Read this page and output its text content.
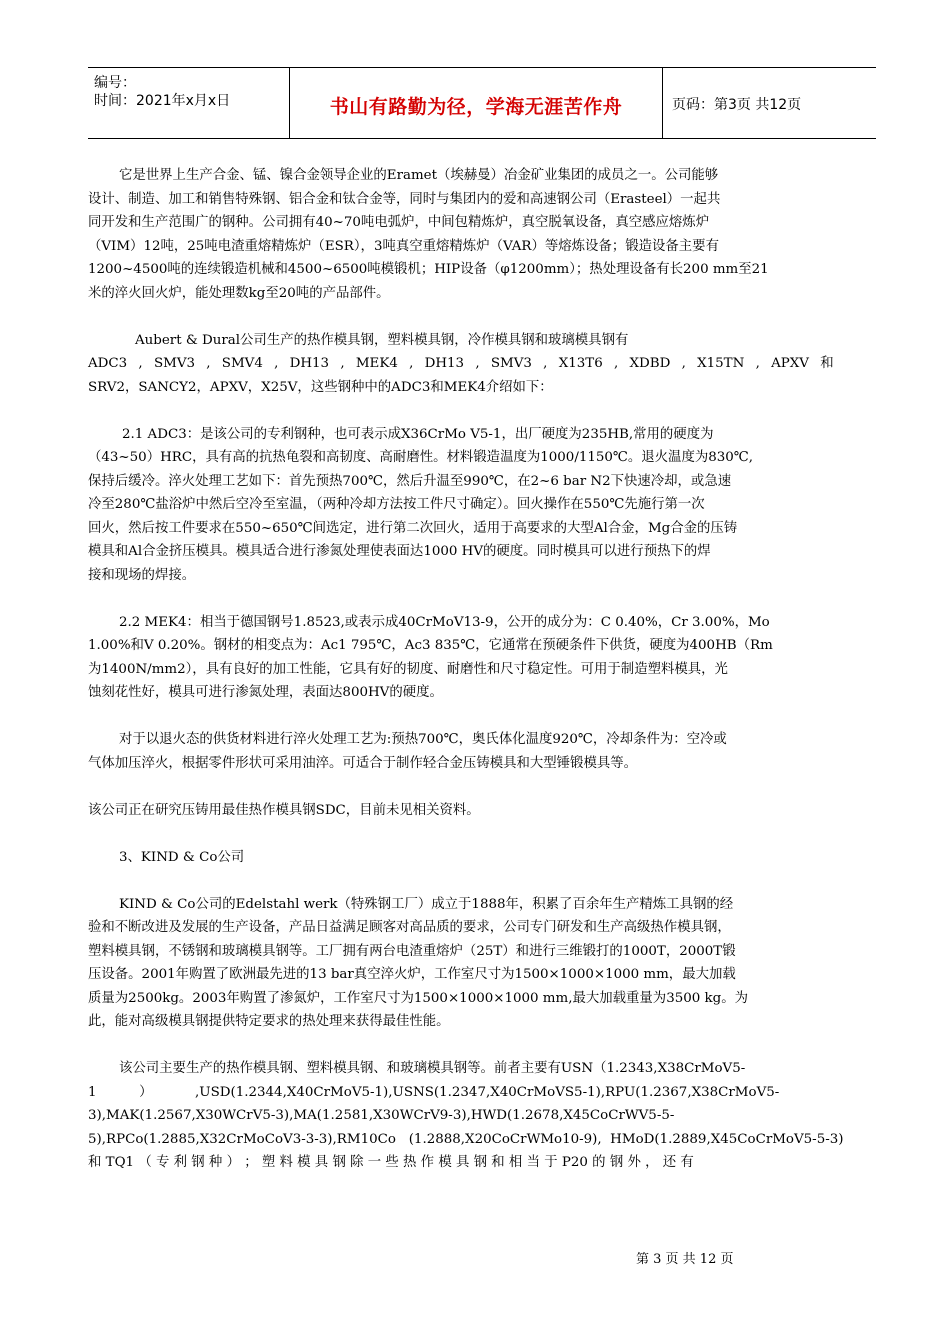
编号：
时间：2021年x月x日	书山有路勤为径，学海无涯苦作舟	页码：第3页 共12页

它是世界上生产合金、锰、镍合金领导企业的Eramet（埃赫曼）冶金矿业集团的成员之一。公司能够
设计、制造、加工和销售特殊钢、铝合金和钛合金等，同时与集团内的爱和高速钢公司（Erasteel）一起共
同开发和生产范围广的钢种。公司拥有40~70吨电弧炉，中间包精炼炉，真空脱氧设备，真空感应熔炼炉
（VIM）12吨，25吨电渣重熔精炼炉（ESR），3吨真空重熔精炼炉（VAR）等熔炼设备；锻造设备主要有
1200~4500吨的连续锻造机械和4500~6500吨模锻机；HIP设备（φ1200mm）；热处理设备有长200 mm至21
米的淬火回火炉，能处理数kg至20吨的产品部件。

Aubert & Dural公司生产的热作模具钢，塑料模具钢，冷作模具钢和玻璃模具钢有
ADC3 , SMV3 , SMV4 , DH13 , MEK4 , DH13 , SMV3 , X13T6 , XDBD , X15TN , APXV 和
SRV2，SANCY2，APXV，X25V，这些钢种中的ADC3和MEK4介绍如下：

2.1 ADC3：是该公司的专利钢种，也可表示成X36CrMo V5-1，出厂硬度为235HB,常用的硬度为
（43~50）HRC，具有高的抗热龟裂和高韧度、高耐磨性。材料锻造温度为1000/1150℃。退火温度为830℃,
保持后缓冷。淬火处理工艺如下：首先预热700℃，然后升温至990℃，在2~6 bar N2下快速冷却，或急速
冷至280℃盐浴炉中然后空冷至室温，（两种冷却方法按工件尺寸确定）。回火操作在550℃先施行第一次
回火，然后按工件要求在550~650℃间选定，进行第二次回火，适用于高要求的大型Al合金，Mg合金的压铸
模具和Al合金挤压模具。模具适合进行渗氮处理使表面达1000 HV的硬度。同时模具可以进行预热下的焊
接和现场的焊接。

2.2 MEK4：相当于德国钢号1.8523,或表示成40CrMoV13-9，公开的成分为：C 0.40%，Cr 3.00%，Mo
1.00%和V 0.20%。钢材的相变点为：Ac1 795℃，Ac3 835℃，它通常在预硬条件下供货，硬度为400HB（Rm
为1400N/mm2），具有良好的加工性能，它具有好的韧度、耐磨性和尺寸稳定性。可用于制造塑料模具，光
蚀刻花性好，模具可进行渗氮处理，表面达800HV的硬度。

对于以退火态的供货材料进行淬火处理工艺为:预热700℃，奥氏体化温度920℃，冷却条件为：空冷或
气体加压淬火，根据零件形状可采用油淬。可适合于制作轻合金压铸模具和大型锤锻模具等。

该公司正在研究压铸用最佳热作模具钢SDC，目前未见相关资料。

3、KIND & Co公司

KIND & Co公司的Edelstahl werk（特殊钢工厂）成立于1888年，积累了百余年生产精炼工具钢的经
验和不断改进及发展的生产设备，产品日益满足顾客对高品质的要求，公司专门研发和生产高级热作模具钢，
塑料模具钢，不锈钢和玻璃模具钢等。工厂拥有两台电渣重熔炉（25T）和进行三维锻打的1000T，2000T锻
压设备。2001年购置了欧洲最先进的13 bar真空淬火炉，工作室尺寸为1500×1000×1000 mm，最大加载
质量为2500kg。2003年购置了渗氮炉，工作室尺寸为1500×1000×1000 mm,最大加载重量为3500 kg。为
此，能对高级模具钢提供特定要求的热处理来获得最佳性能。

该公司主要生产的热作模具钢、塑料模具钢、和玻璃模具钢等。前者主要有USN（1.2343,X38CrMoV5-
1          ）          ,USD(1.2344,X40CrMoV5-1),USNS(1.2347,X40CrMoVS5-1),RPU(1.2367,X38CrMoV5-
3),MAK(1.2567,X30WCrV5-3),MA(1.2581,X30WCrV9-3),HWD(1.2678,X45CoCrWV5-5-
5),RPCo(1.2885,X32CrMoCoV3-3-3),RM10Co   (1.2888,X20CoCrWMo10-9),  HMoD(1.2889,X45CoCrMoV5-5-3)
和 TQ1 （ 专 利 钢 种 ） ； 塑 料 模 具 钢 除 一 些 热 作 模 具 钢 和 相 当 于 P20 的 钢 外 ， 还 有

第 3 页 共 12 页
